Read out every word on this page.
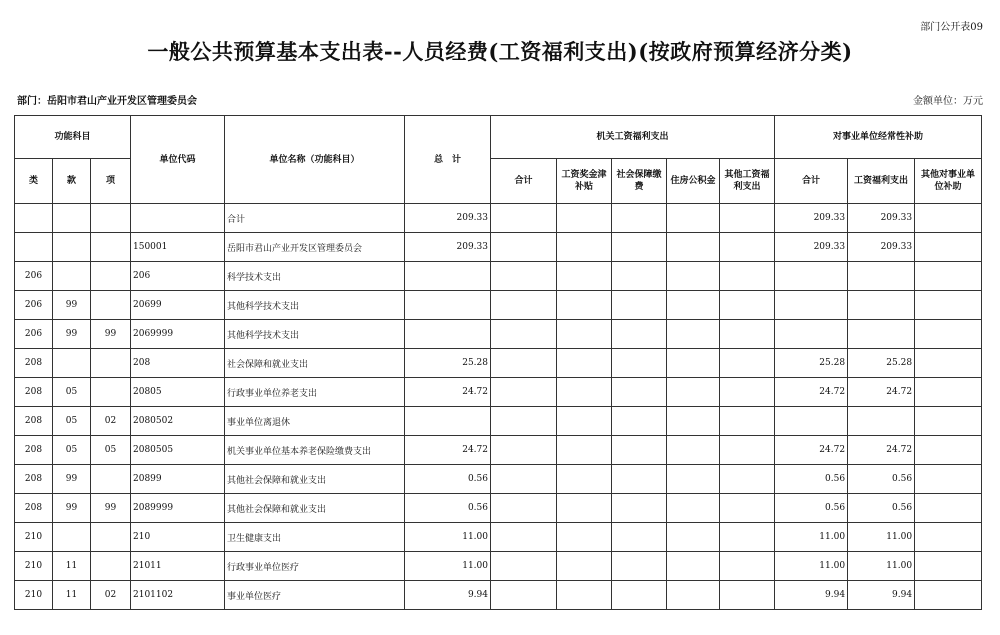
部门公开表09
一般公共预算基本支出表--人员经费(工资福利支出)(按政府预算经济分类)
部门：岳阳市君山产业开发区管理委员会	金额单位：万元
功能科目			单位代码	单位名称（功能科目）	总　计	机关工资福利支出					对事业单位经常性补助		
类	款	项				合计	工资奖金津补贴	社会保障缴费	住房公积金	其他工资福利支出	合计	工资福利支出	其他对事业单位补助
				合计	209.33						209.33	209.33	
			150001	岳阳市君山产业开发区管理委员会	209.33						209.33	209.33	
206			206	科学技术支出									
206	99		20699	其他科学技术支出									
206	99	99	2069999	其他科学技术支出									
208			208	社会保障和就业支出	25.28						25.28	25.28	
208	05		20805	行政事业单位养老支出	24.72						24.72	24.72	
208	05	02	2080502	事业单位离退休									
208	05	05	2080505	机关事业单位基本养老保险缴费支出	24.72						24.72	24.72	
208	99		20899	其他社会保障和就业支出	0.56						0.56	0.56	
208	99	99	2089999	其他社会保障和就业支出	0.56						0.56	0.56	
210			210	卫生健康支出	11.00						11.00	11.00	
210	11		21011	行政事业单位医疗	11.00						11.00	11.00	
210	11	02	2101102	事业单位医疗	9.94						9.94	9.94	
